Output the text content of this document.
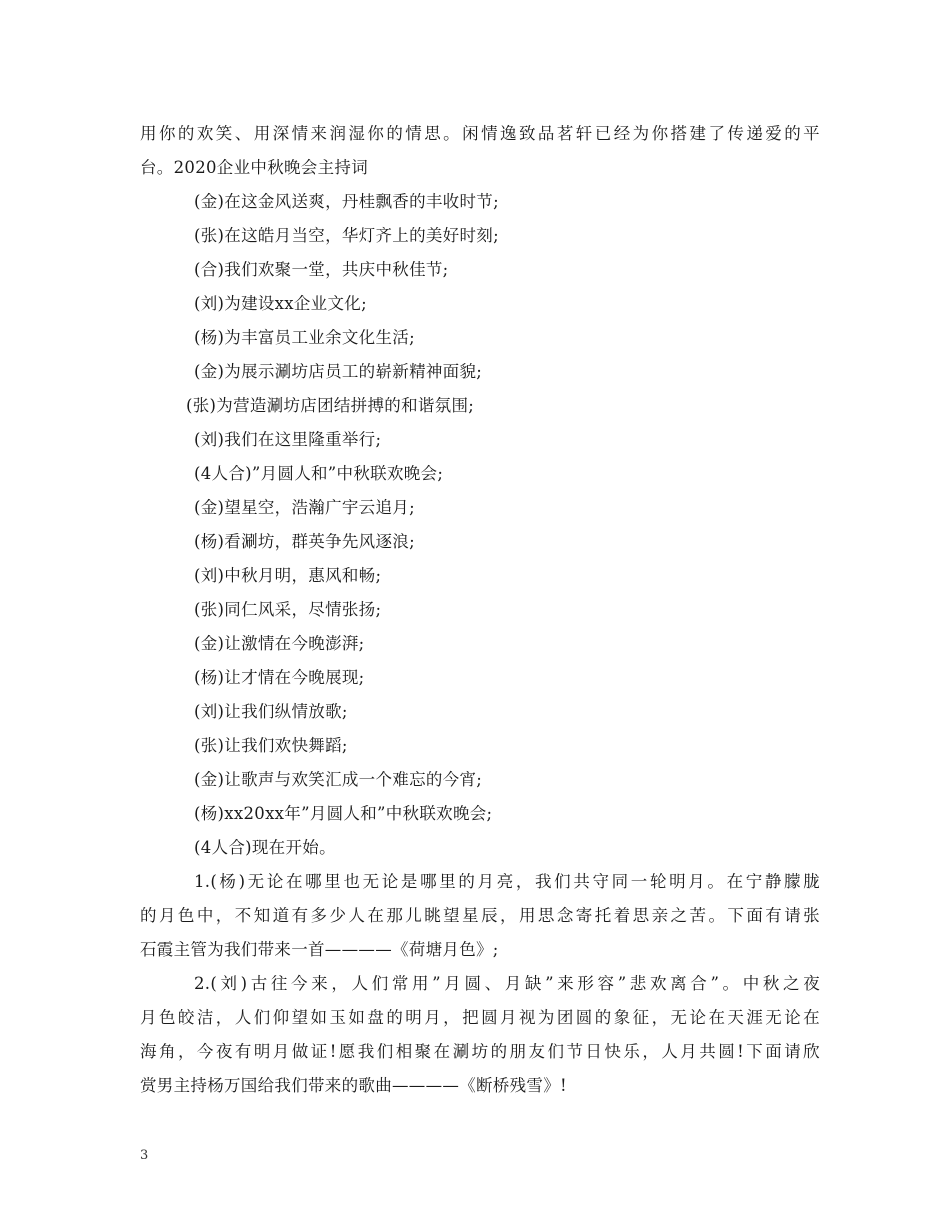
用你的欢笑、用深情来润湿你的情思。闲情逸致品茗轩已经为你搭建了传递爱的平
台。2020企业中秋晚会主持词
(金)在这金风送爽，丹桂飘香的丰收时节;
(张)在这皓月当空，华灯齐上的美好时刻;
(合)我们欢聚一堂，共庆中秋佳节;
(刘)为建设xx企业文化;
(杨)为丰富员工业余文化生活;
(金)为展示涮坊店员工的崭新精神面貌;
(张)为营造涮坊店团结拼搏的和谐氛围;
(刘)我们在这里隆重举行;
(4人合)”月圆人和”中秋联欢晚会;
(金)望星空，浩瀚广宇云追月;
(杨)看涮坊，群英争先风逐浪;
(刘)中秋月明，惠风和畅;
(张)同仁风采，尽情张扬;
(金)让激情在今晚澎湃;
(杨)让才情在今晚展现;
(刘)让我们纵情放歌;
(张)让我们欢快舞蹈;
(金)让歌声与欢笑汇成一个难忘的今宵;
(杨)xx20xx年”月圆人和”中秋联欢晚会;
(4人合)现在开始。
1.(杨)无论在哪里也无论是哪里的月亮，我们共守同一轮明月。在宁静朦胧
的月色中，不知道有多少人在那儿眺望星辰，用思念寄托着思亲之苦。下面有请张
石霞主管为我们带来一首————《荷塘月色》;
2.(刘)古往今来，人们常用”月圆、月缺”来形容”悲欢离合”。中秋之夜
月色皎洁，人们仰望如玉如盘的明月，把圆月视为团圆的象征，无论在天涯无论在
海角，今夜有明月做证!愿我们相聚在涮坊的朋友们节日快乐，人月共圆!下面请欣
赏男主持杨万国给我们带来的歌曲————《断桥残雪》!
3
